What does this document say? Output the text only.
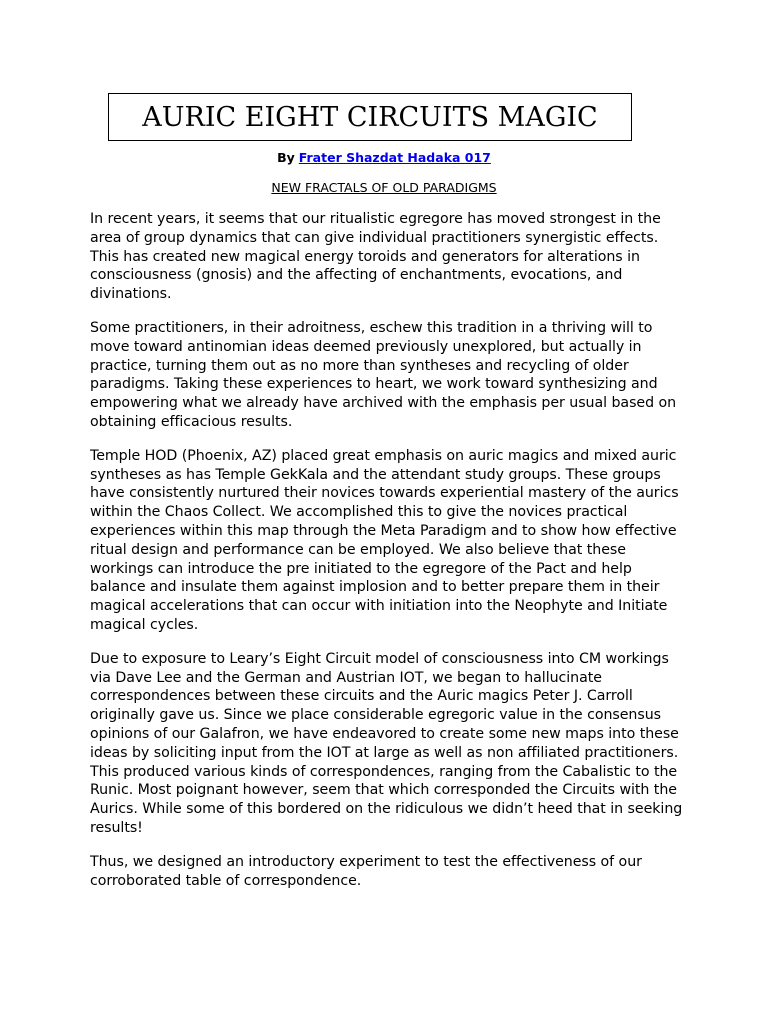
AURIC EIGHT CIRCUITS MAGIC
By Frater Shazdat Hadaka 017
NEW FRACTALS OF OLD PARADIGMS

In recent years, it seems that our ritualistic egregore has moved strongest in the area of group dynamics that can give individual practitioners synergistic effects. This has created new magical energy toroids and generators for alterations in consciousness (gnosis) and the affecting of enchantments, evocations, and divinations.

Some practitioners, in their adroitness, eschew this tradition in a thriving will to move toward antinomian ideas deemed previously unexplored, but actually in practice, turning them out as no more than syntheses and recycling of older paradigms. Taking these experiences to heart, we work toward synthesizing and empowering what we already have archived with the emphasis per usual based on obtaining efficacious results.

Temple HOD (Phoenix, AZ) placed great emphasis on auric magics and mixed auric syntheses as has Temple GekKala and the attendant study groups. These groups have consistently nurtured their novices towards experiential mastery of the aurics within the Chaos Collect. We accomplished this to give the novices practical experiences within this map through the Meta Paradigm and to show how effective ritual design and performance can be employed. We also believe that these workings can introduce the pre initiated to the egregore of the Pact and help balance and insulate them against implosion and to better prepare them in their magical accelerations that can occur with initiation into the Neophyte and Initiate magical cycles.

Due to exposure to Leary’s Eight Circuit model of consciousness into CM workings via Dave Lee and the German and Austrian IOT, we began to hallucinate correspondences between these circuits and the Auric magics Peter J. Carroll originally gave us. Since we place considerable egregoric value in the consensus opinions of our Galafron, we have endeavored to create some new maps into these ideas by soliciting input from the IOT at large as well as non affiliated practitioners. This produced various kinds of correspondences, ranging from the Cabalistic to the Runic. Most poignant however, seem that which corresponded the Circuits with the Aurics. While some of this bordered on the ridiculous we didn’t heed that in seeking results!

Thus, we designed an introductory experiment to test the effectiveness of our corroborated table of correspondence.
